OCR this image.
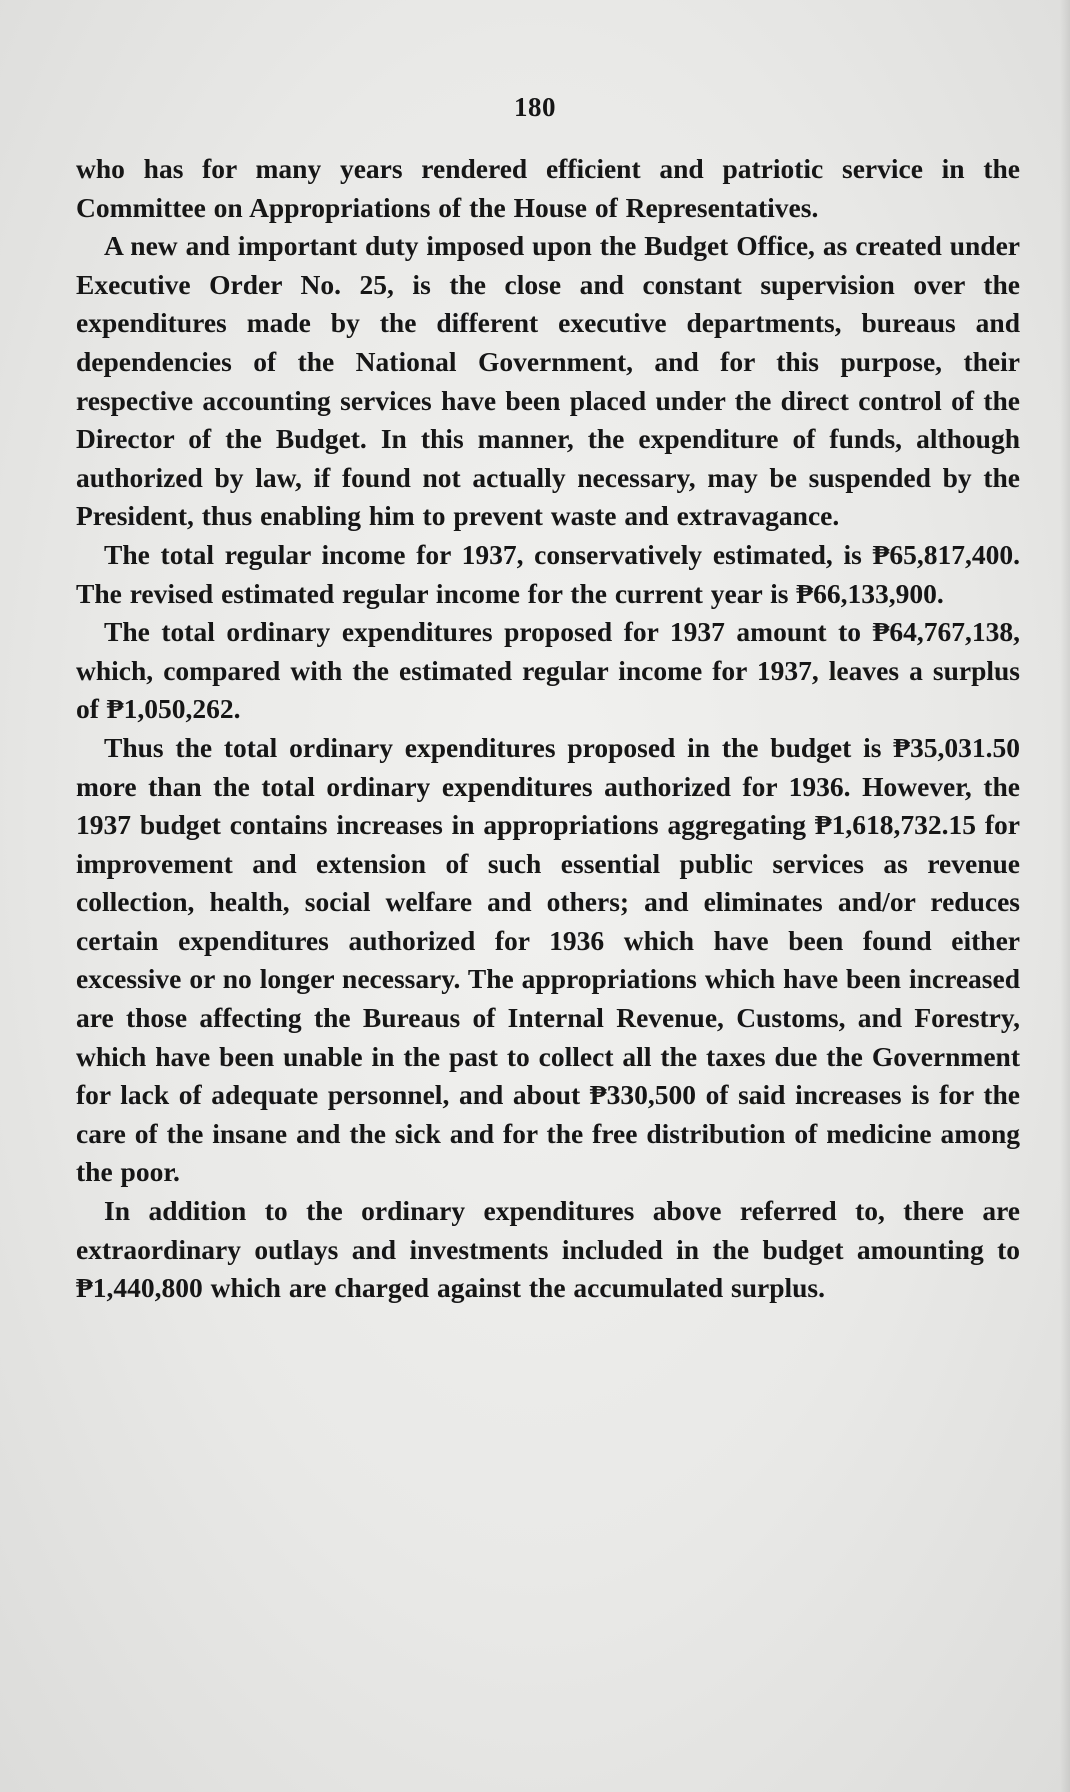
180

who has for many years rendered efficient and patriotic service in the Committee on Appropriations of the House of Representatives.

A new and important duty imposed upon the Budget Office, as created under Executive Order No. 25, is the close and constant supervision over the expenditures made by the different executive departments, bureaus and dependencies of the National Government, and for this purpose, their respective accounting services have been placed under the direct control of the Director of the Budget. In this manner, the expenditure of funds, although authorized by law, if found not actually necessary, may be suspended by the President, thus enabling him to prevent waste and extravagance.

The total regular income for 1937, conservatively estimated, is ₱65,817,400. The revised estimated regular income for the current year is ₱66,133,900.

The total ordinary expenditures proposed for 1937 amount to ₱64,767,138, which, compared with the estimated regular income for 1937, leaves a surplus of ₱1,050,262.

Thus the total ordinary expenditures proposed in the budget is ₱35,031.50 more than the total ordinary expenditures authorized for 1936. However, the 1937 budget contains increases in appropriations aggregating ₱1,618,732.15 for improvement and extension of such essential public services as revenue collection, health, social welfare and others; and eliminates and/or reduces certain expenditures authorized for 1936 which have been found either excessive or no longer necessary. The appropriations which have been increased are those affecting the Bureaus of Internal Revenue, Customs, and Forestry, which have been unable in the past to collect all the taxes due the Government for lack of adequate personnel, and about ₱330,500 of said increases is for the care of the insane and the sick and for the free distribution of medicine among the poor.

In addition to the ordinary expenditures above referred to, there are extraordinary outlays and investments included in the budget amounting to ₱1,440,800 which are charged against the accumulated surplus.
